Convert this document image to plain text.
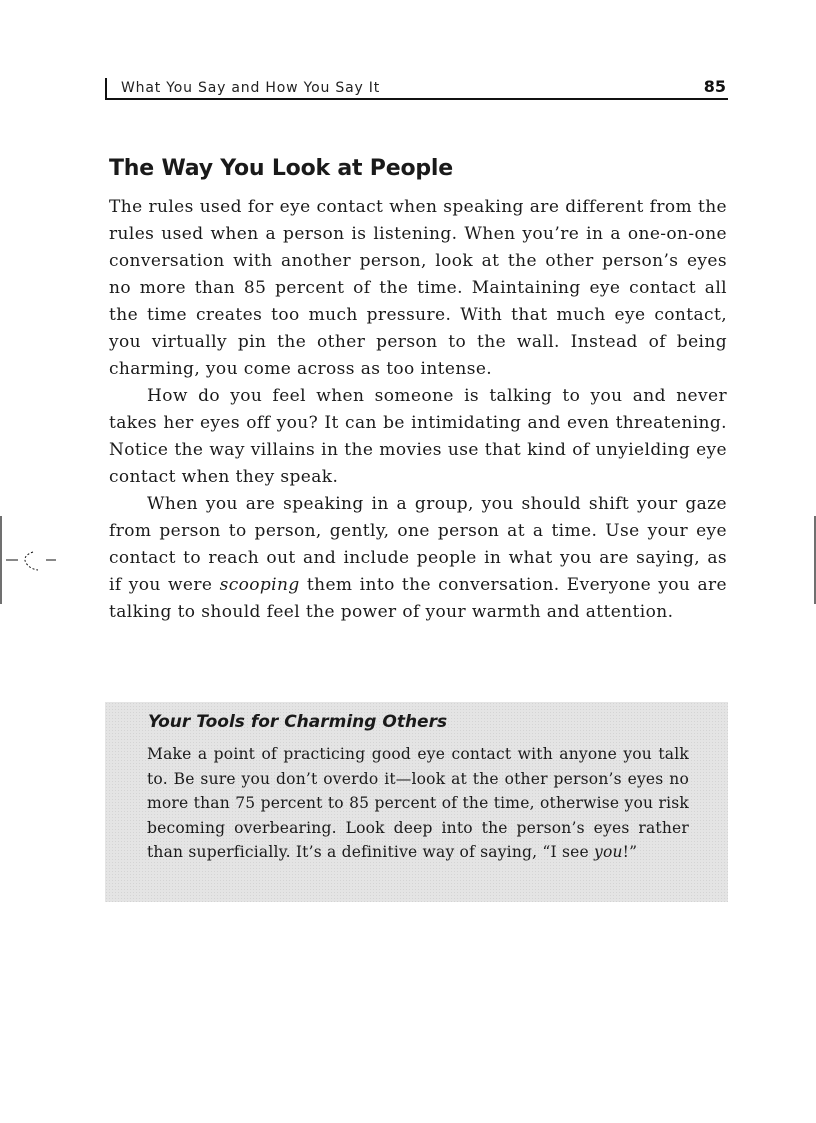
What You Say and How You Say It	85
The Way You Look at People

The rules used for eye contact when speaking are different from the rules used when a person is listening. When you’re in a one-on-one conversation with another person, look at the other person’s eyes no more than 85 percent of the time. Maintaining eye contact all the time creates too much pressure. With that much eye contact, you virtually pin the other person to the wall. Instead of being charming, you come across as too intense.

How do you feel when someone is talking to you and never takes her eyes off you? It can be intimidating and even threatening. Notice the way villains in the movies use that kind of unyielding eye contact when they speak.

When you are speaking in a group, you should shift your gaze from person to person, gently, one person at a time. Use your eye contact to reach out and include people in what you are saying, as if you were scooping them into the conversation. Everyone you are talking to should feel the power of your warmth and attention.

Your Tools for Charming Others

Make a point of practicing good eye contact with anyone you talk to. Be sure you don’t overdo it—look at the other person’s eyes no more than 75 percent to 85 percent of the time, otherwise you risk becoming overbearing. Look deep into the person’s eyes rather than superficially. It’s a definitive way of saying, “I see you!”
